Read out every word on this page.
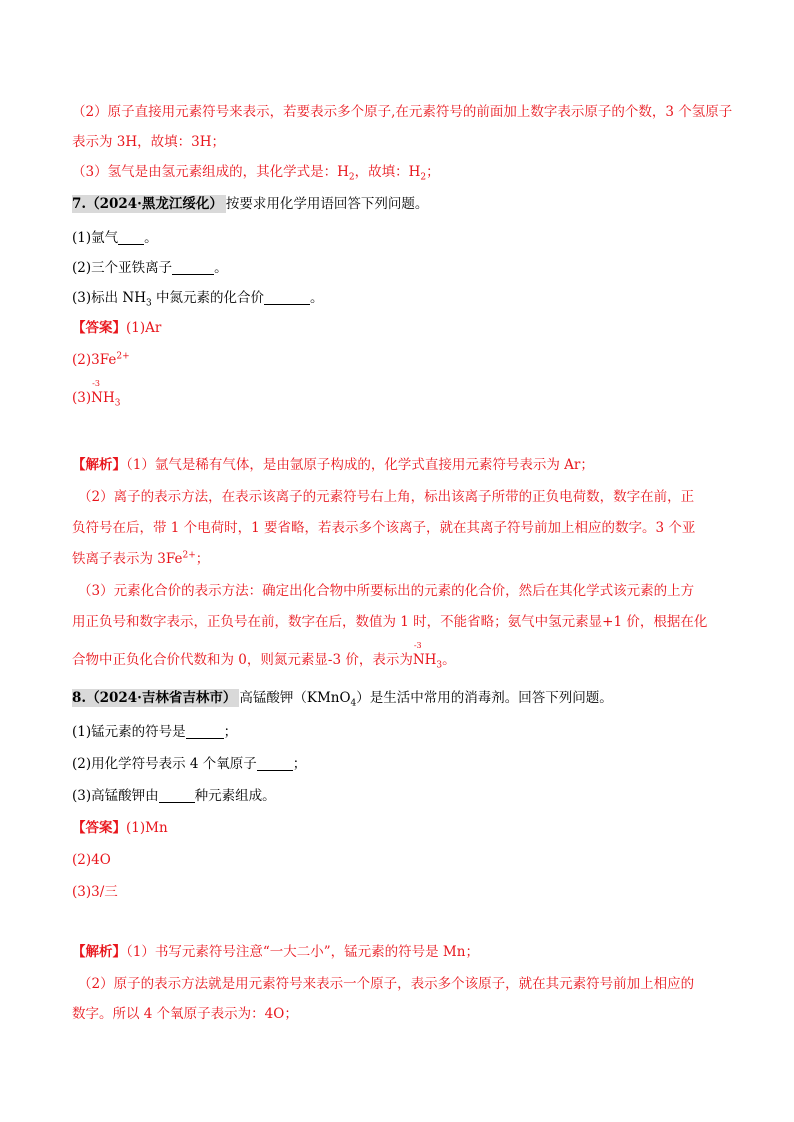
（2）原子直接用元素符号来表示，若要表示多个原子,在元素符号的前面加上数字表示原子的个数，3 个氢原子
表示为 3H，故填：3H；
（3）氢气是由氢元素组成的，其化学式是：$H_2$，故填：$H_2$；
7.（2024·黑龙江绥化） 按要求用化学用语回答下列问题。
(1)氩气 。
(2)三个亚铁离子	。
(3)标出 $NH_3$ 中氮元素的化合价	。
【答案】(1)Ar
$(2)3Fe^{2+}$
(3)
-3
$NH_3$
【解析】（1）氩气是稀有气体，是由氩原子构成的，化学式直接用元素符号表示为 Ar；
（2）离子的表示方法，在表示该离子的元素符号右上角，标出该离子所带的正负电荷数，数字在前，正
负符号在后，带 1 个电荷时，1 要省略，若表示多个该离子，就在其离子符号前加上相应的数字。3 个亚
铁离子表示为 $3Fe^{2+}$；
（3）元素化合价的表示方法：确定出化合物中所要标出的元素的化合价，然后在其化学式该元素的上方
用正负号和数字表示，正负号在前，数字在后，数值为 1 时，不能省略；氨气中氢元素显+1 价，根据在化
合物中正负化合价代数和为 0，则氮元素显-3 价，表示为
-3
$NH_3$。
8.（2024·吉林省吉林市） 高锰酸钾（KMnO$_4$）是生活中常用的消毒剂。回答下列问题。
(1)锰元素的符号是	；
(2)用化学符号表示 4 个氧原子	；
(3)高锰酸钾由	种元素组成。
【答案】(1)Mn
(2)4O
(3)3/三
【解析】（1）书写元素符号注意“一大二小”，锰元素的符号是 Mn；
（2）原子的表示方法就是用元素符号来表示一个原子，表示多个该原子，就在其元素符号前加上相应的
数字。所以 4 个氧原子表示为：4O；
